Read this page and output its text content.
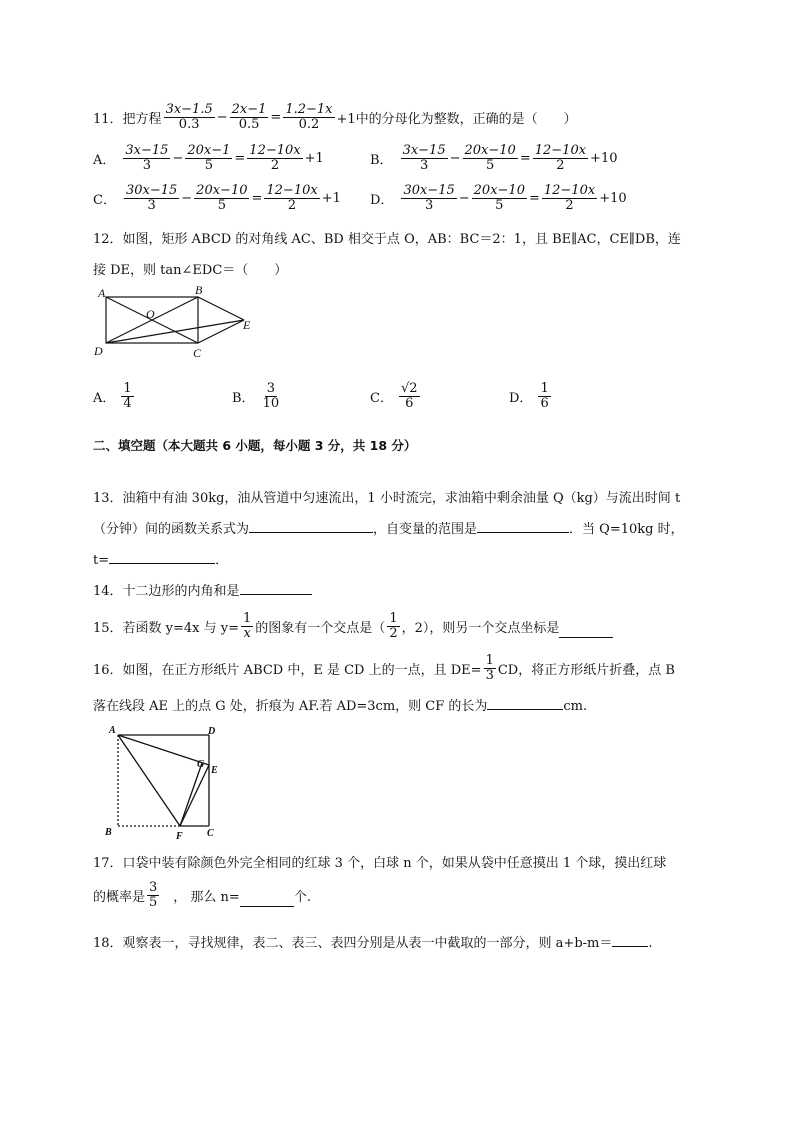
11． 把方程 $\frac{3x-1.5}{0.3} - \frac{2x-1}{0.5} = \frac{1.2-1x}{0.2} +1$中的分母化为整数，正确的是（　　）
A． $\frac{3x-15}{3} - \frac{20x-1}{5} = \frac{12-10x}{2} +1$	B． $\frac{3x-15}{3} - \frac{20x-10}{5} = \frac{12-10x}{2} +10$
C． $\frac{30x-15}{3} - \frac{20x-10}{5} = \frac{12-10x}{2} +1$ D． $\frac{30x-15}{3} - \frac{20x-10}{5} = \frac{12-10x}{2} +10$
12．如图，矩形 ABCD 的对角线 AC、BD 相交于点 O，AB：BC＝2：1，且 BE∥AC，CE∥DB，连
接 DE，则 tan∠EDC＝（　　）
A	B
C
D
O
E
A． $\frac{1}{4}$	B． $\frac{3}{10}$	C． $\frac{√2}{6}$	D． $\frac{1}{6}$
二、填空题（本大题共 6 小题，每小题 3 分，共 18 分）
13．油箱中有油 30kg，油从管道中匀速流出，1 小时流完，求油箱中剩余油量 Q（kg）与流出时间 t
（分钟）间的函数关系式为	，自变量的范围是	．当 Q=10kg 时，
t=	．
14．十二边形的内角和是
15．若函数 y=4x 与 $y= \frac{1}{x}$ 的图象有一个交点是（ $\frac{1}{2}$ ，2），则另一个交点坐标是
16．如图，在正方形纸片 ABCD 中，E 是 CD 上的一点，且 $DE= \frac{1}{3}$ CD，将正方形纸片折叠，点 B
落在线段 AE 上的点 G 处，折痕为 AF.若 AD=3cm，则 CF 的长为	cm.
A	D
G
E
B	F C
17．口袋中装有除颜色外完全相同的红球 3 个，白球 n 个，如果从袋中任意摸出 1 个球，摸出红球
的概率是 $\frac{3}{5}$ ， 那么 n=	个.
18．观察表一，寻找规律，表二、表三、表四分别是从表一中截取的一部分，则 a+b-m＝	.
